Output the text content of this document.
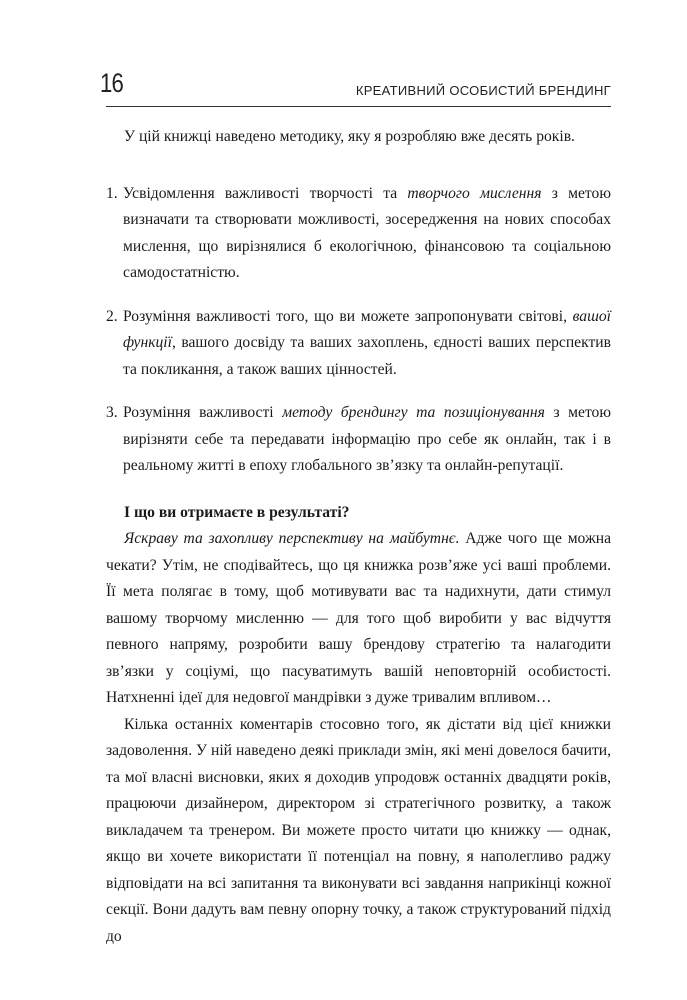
16	КРЕАТИВНИЙ ОСОБИСТИЙ БРЕНДИНГ

У цій книжці наведено методику, яку я розробляю вже десять років.

1. Усвідомлення важливості творчості та творчого мислення з метою визначати та створювати можливості, зосередження на нових способах мислення, що вирізнялися б екологічною, фінансовою та соціальною самодостатністю.
2. Розуміння важливості того, що ви можете запропонувати світові, вашої функції, вашого досвіду та ваших захоплень, єдності ваших перспектив та покликання, а також ваших цінностей.
3. Розуміння важливості методу брендингу та позиціонування з метою вирізняти себе та передавати інформацію про себе як онлайн, так і в реальному житті в епоху глобального зв’язку та онлайн-репутації.

І що ви отримаєте в результаті?

Яскраву та захопливу перспективу на майбутнє. Адже чого ще можна чекати? Утім, не сподівайтесь, що ця книжка розв’яже усі ваші проблеми. Її мета полягає в тому, щоб мотивувати вас та надихнути, дати стимул вашому творчому мисленню — для того щоб виробити у вас відчуття певного напряму, розробити вашу брендову стратегію та налагодити зв’язки у соціумі, що пасуватимуть вашій неповторній особистості. Натхненні ідеї для недовгої мандрівки з дуже тривалим впливом…

Кілька останніх коментарів стосовно того, як дістати від цієї книжки задоволення. У ній наведено деякі приклади змін, які мені довелося бачити, та мої власні висновки, яких я доходив упродовж останніх двадцяти років, працюючи дизайнером, директором зі стратегічного розвитку, а також викладачем та тренером. Ви можете просто читати цю книжку — однак, якщо ви хочете використати її потенціал на повну, я наполегливо раджу відповідати на всі запитання та виконувати всі завдання наприкінці кожної секції. Вони дадуть вам певну опорну точку, а також структурований підхід до
